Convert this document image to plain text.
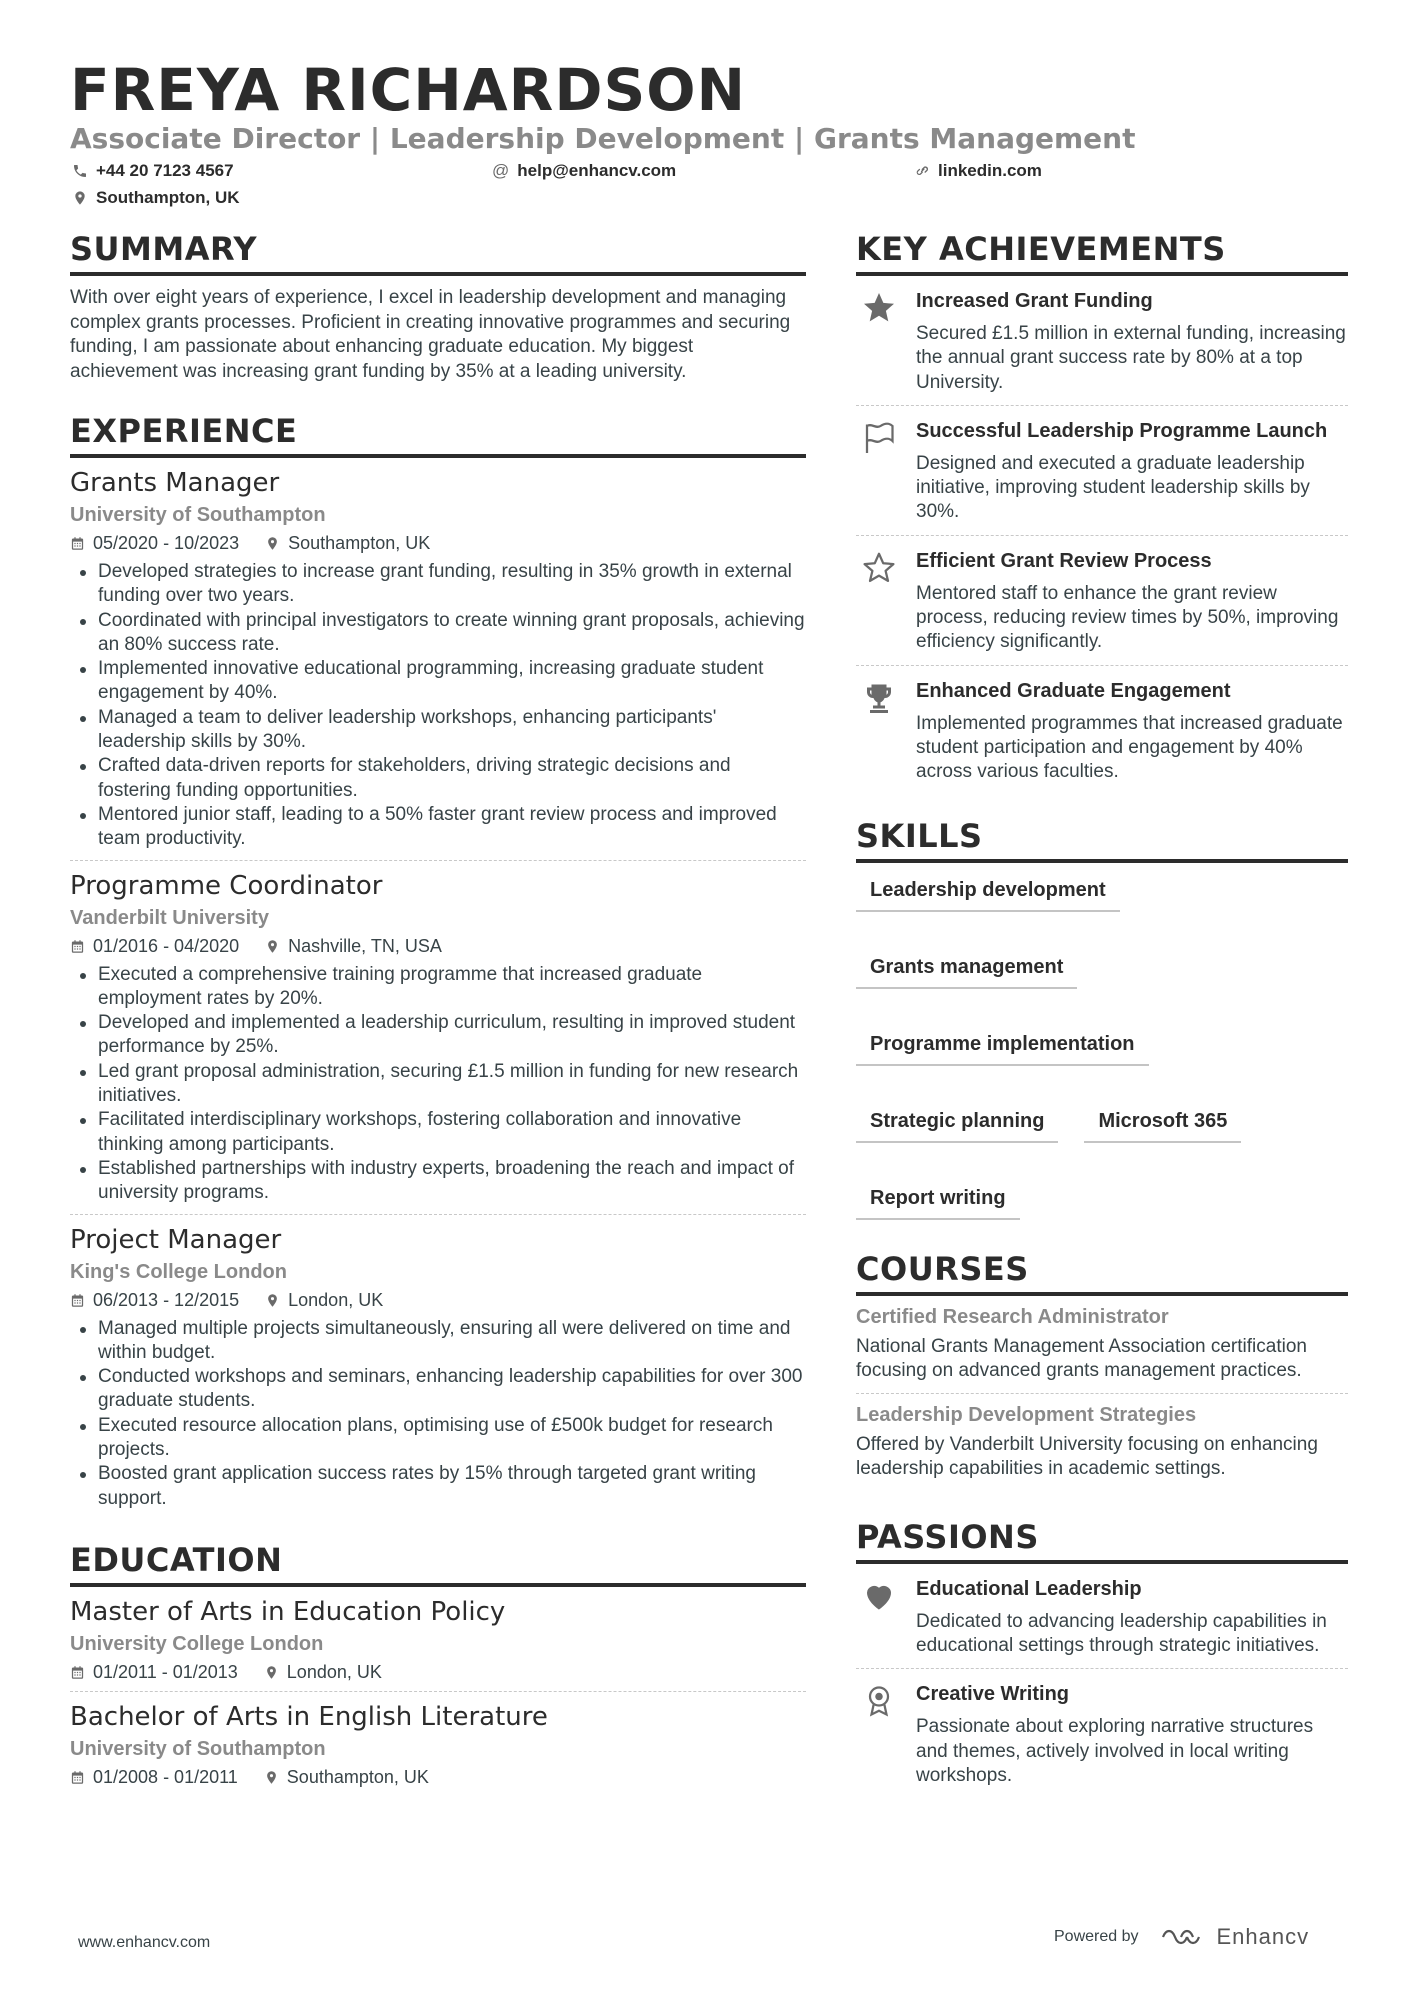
FREYA RICHARDSON
Associate Director | Leadership Development | Grants Management
+44 20 7123 4567	@ help@enhancv.com	linkedin.com
Southampton, UK
SUMMARY
With over eight years of experience, I excel in leadership development and managing complex grants processes. Proficient in creating innovative programmes and securing funding, I am passionate about enhancing graduate education. My biggest achievement was increasing grant funding by 35% at a leading university.
EXPERIENCE
Grants Manager
University of Southampton
05/2020 - 10/2023	Southampton, UK
Developed strategies to increase grant funding, resulting in 35% growth in external funding over two years.
Coordinated with principal investigators to create winning grant proposals, achieving an 80% success rate.
Implemented innovative educational programming, increasing graduate student engagement by 40%.
Managed a team to deliver leadership workshops, enhancing participants' leadership skills by 30%.
Crafted data-driven reports for stakeholders, driving strategic decisions and fostering funding opportunities.
Mentored junior staff, leading to a 50% faster grant review process and improved team productivity.
Programme Coordinator
Vanderbilt University
01/2016 - 04/2020	Nashville, TN, USA
Executed a comprehensive training programme that increased graduate employment rates by 20%.
Developed and implemented a leadership curriculum, resulting in improved student performance by 25%.
Led grant proposal administration, securing £1.5 million in funding for new research initiatives.
Facilitated interdisciplinary workshops, fostering collaboration and innovative thinking among participants.
Established partnerships with industry experts, broadening the reach and impact of university programs.
Project Manager
King's College London
06/2013 - 12/2015	London, UK
Managed multiple projects simultaneously, ensuring all were delivered on time and within budget.
Conducted workshops and seminars, enhancing leadership capabilities for over 300 graduate students.
Executed resource allocation plans, optimising use of £500k budget for research projects.
Boosted grant application success rates by 15% through targeted grant writing support.
EDUCATION
Master of Arts in Education Policy
University College London
01/2011 - 01/2013	London, UK
Bachelor of Arts in English Literature
University of Southampton
01/2008 - 01/2011	Southampton, UK
KEY ACHIEVEMENTS
Increased Grant Funding
Secured £1.5 million in external funding, increasing the annual grant success rate by 80% at a top University.
Successful Leadership Programme Launch
Designed and executed a graduate leadership initiative, improving student leadership skills by 30%.
Efficient Grant Review Process
Mentored staff to enhance the grant review process, reducing review times by 50%, improving efficiency significantly.
Enhanced Graduate Engagement
Implemented programmes that increased graduate student participation and engagement by 40% across various faculties.
SKILLS
Leadership development
Grants management
Programme implementation
Strategic planning	Microsoft 365
Report writing
COURSES
Certified Research Administrator
National Grants Management Association certification focusing on advanced grants management practices.
Leadership Development Strategies
Offered by Vanderbilt University focusing on enhancing leadership capabilities in academic settings.
PASSIONS
Educational Leadership
Dedicated to advancing leadership capabilities in educational settings through strategic initiatives.
Creative Writing
Passionate about exploring narrative structures and themes, actively involved in local writing workshops.
www.enhancv.com	Powered by	Enhancv
